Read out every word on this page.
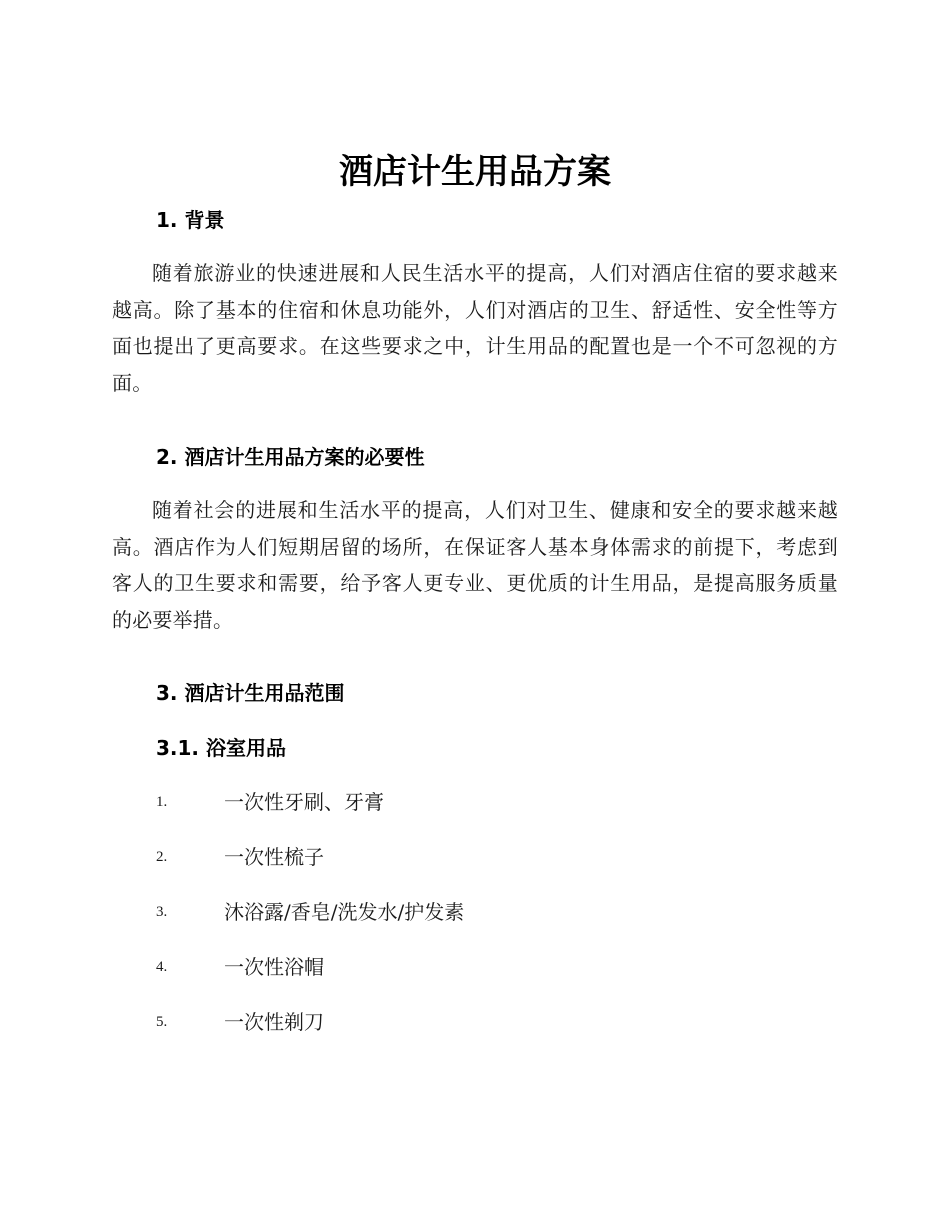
酒店计生用品方案
1. 背景

随着旅游业的快速进展和人民生活水平的提高，人们对酒店住宿的要求越来越高。除了基本的住宿和休息功能外，人们对酒店的卫生、舒适性、安全性等方面也提出了更高要求。在这些要求之中，计生用品的配置也是一个不可忽视的方面。

2. 酒店计生用品方案的必要性

随着社会的进展和生活水平的提高，人们对卫生、健康和安全的要求越来越高。酒店作为人们短期居留的场所，在保证客人基本身体需求的前提下，考虑到客人的卫生要求和需要，给予客人更专业、更优质的计生用品，是提高服务质量的必要举措。

3. 酒店计生用品范围
3.1. 浴室用品
1.	一次性牙刷、牙膏
2.	一次性梳子
3.	沐浴露/香皂/洗发水/护发素
4.	一次性浴帽
5.	一次性剃刀
